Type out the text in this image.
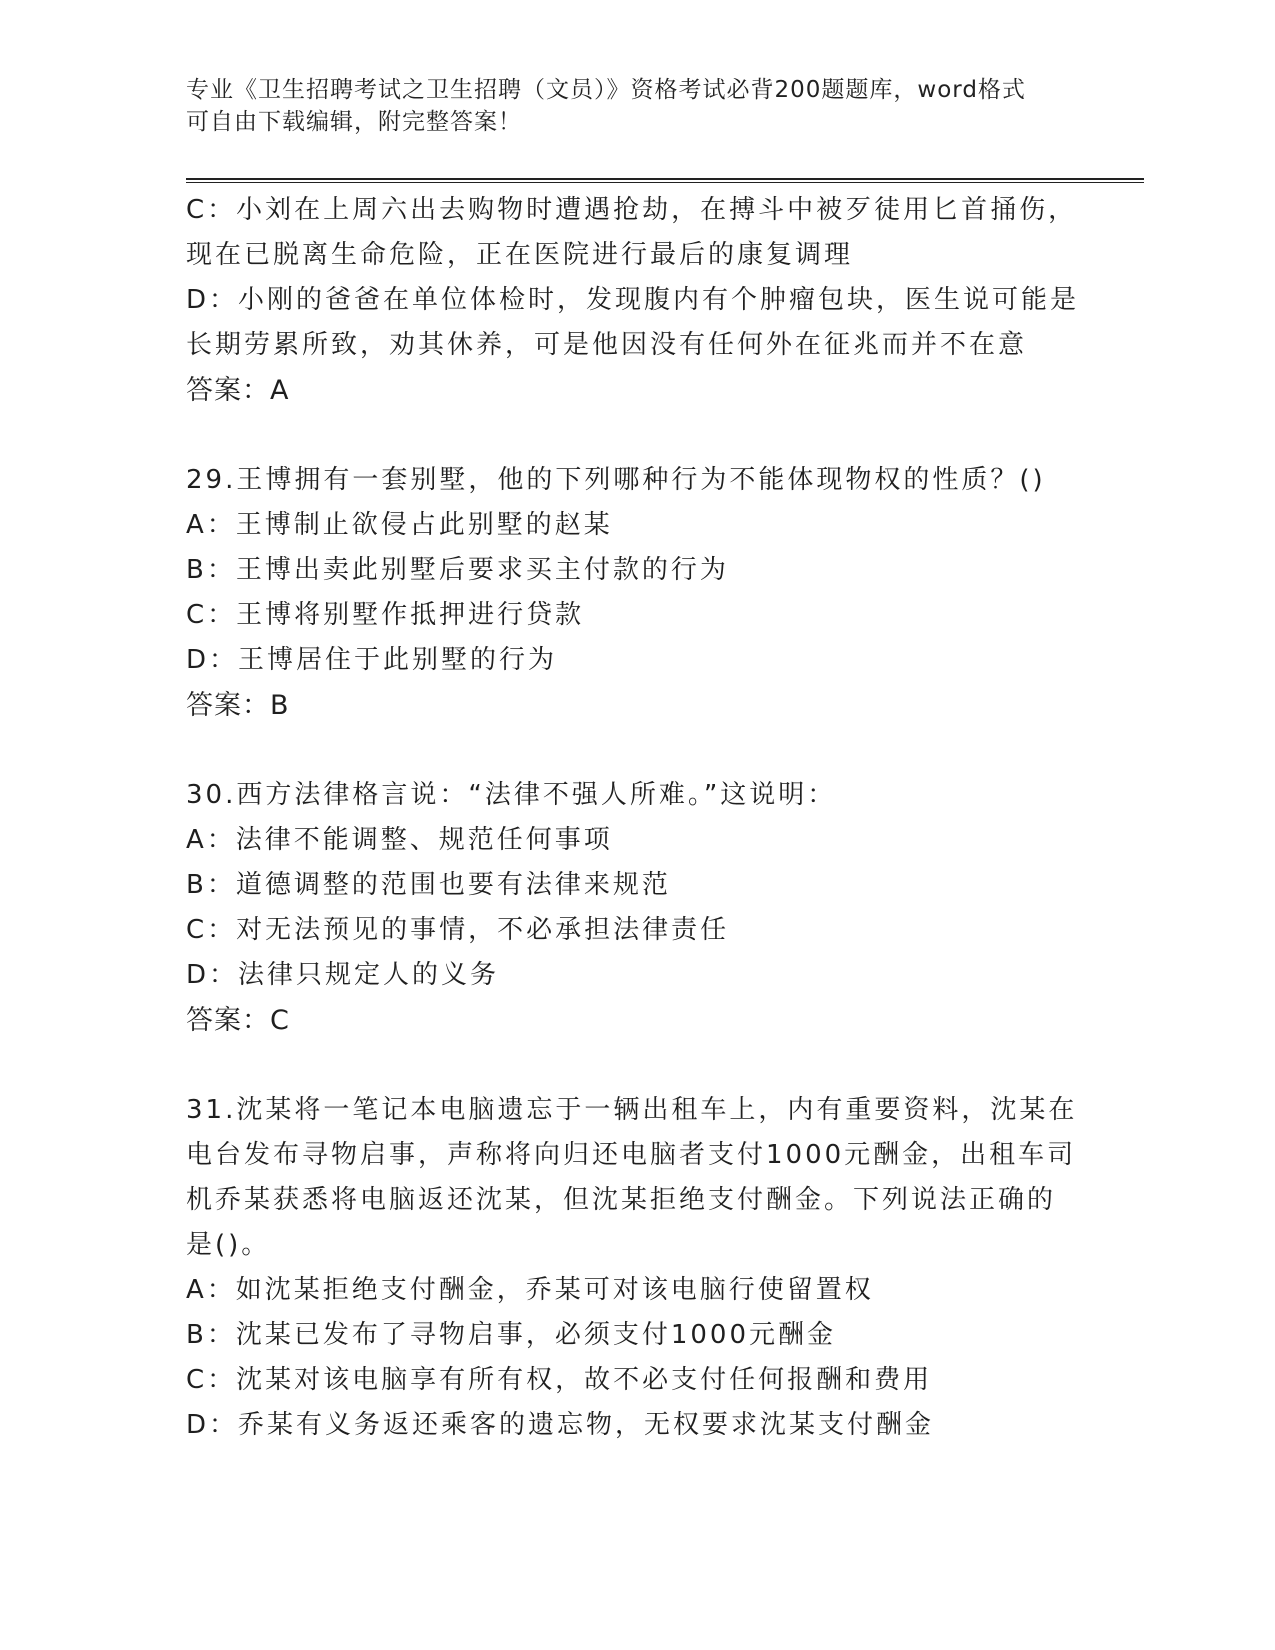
专业《卫生招聘考试之卫生招聘（文员）》资格考试必背200题题库，word格式
可自由下载编辑，附完整答案！
C：小刘在上周六出去购物时遭遇抢劫，在搏斗中被歹徒用匕首捅伤，
现在已脱离生命危险，正在医院进行最后的康复调理
D：小刚的爸爸在单位体检时，发现腹内有个肿瘤包块，医生说可能是
长期劳累所致，劝其休养，可是他因没有任何外在征兆而并不在意
答案：A
29.王博拥有一套别墅，他的下列哪种行为不能体现物权的性质？()
A：王博制止欲侵占此别墅的赵某
B：王博出卖此别墅后要求买主付款的行为
C：王博将别墅作抵押进行贷款
D：王博居住于此别墅的行为
答案：B
30.西方法律格言说：“法律不强人所难。”这说明：
A：法律不能调整、规范任何事项
B：道德调整的范围也要有法律来规范
C：对无法预见的事情，不必承担法律责任
D：法律只规定人的义务
答案：C
31.沈某将一笔记本电脑遗忘于一辆出租车上，内有重要资料，沈某在
电台发布寻物启事，声称将向归还电脑者支付1000元酬金，出租车司
机乔某获悉将电脑返还沈某，但沈某拒绝支付酬金。下列说法正确的
是()。
A：如沈某拒绝支付酬金，乔某可对该电脑行使留置权
B：沈某已发布了寻物启事，必须支付1000元酬金
C：沈某对该电脑享有所有权，故不必支付任何报酬和费用
D：乔某有义务返还乘客的遗忘物，无权要求沈某支付酬金
